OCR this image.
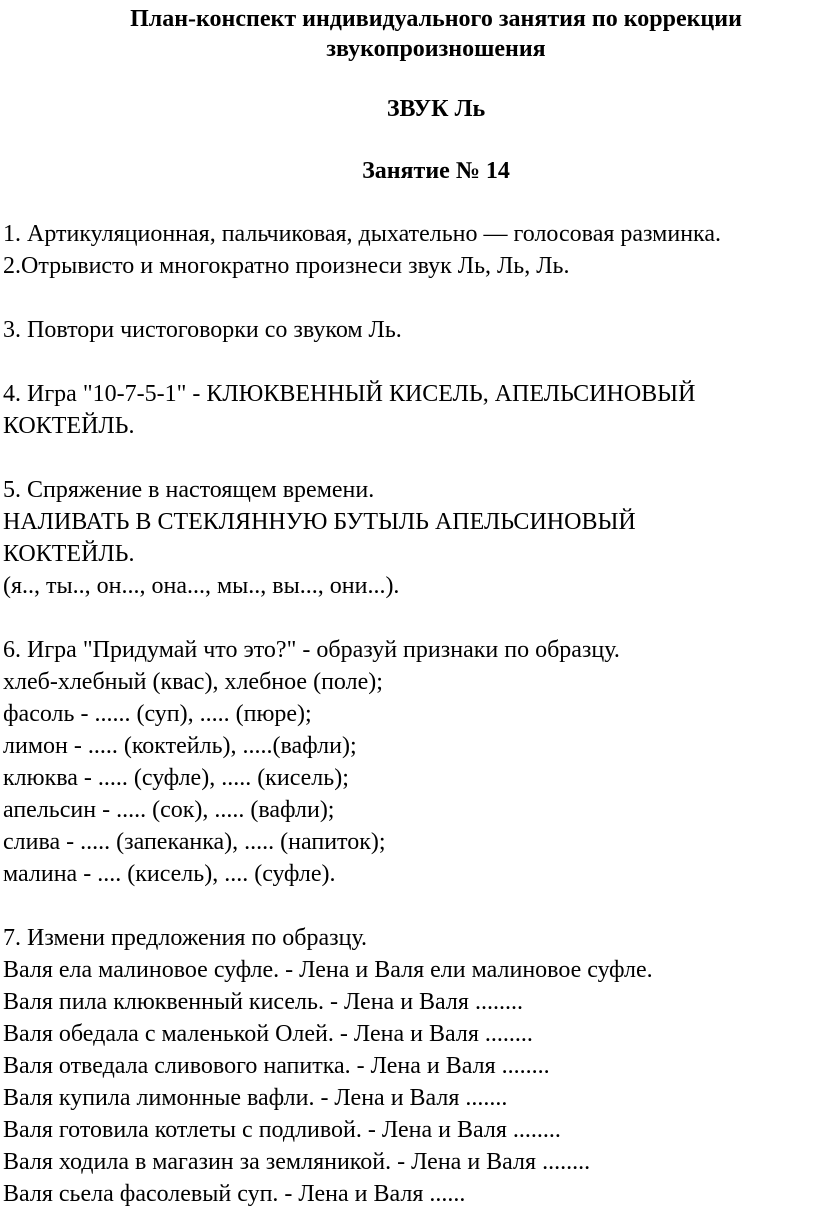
План-конспект индивидуального занятия по коррекции

звукопроизношения

ЗВУК Ль
Занятие № 14
1. Артикуляционная, пальчиковая, дыхательно — голосовая разминка.
2.Отрывисто и многократно произнеси звук Ль, Ль, Ль.
3. Повтори чистоговорки со звуком Ль.
4. Игра "10-7-5-1" - КЛЮКВЕННЫЙ КИСЕЛЬ, АПЕЛЬСИНОВЫЙ
КОКТЕЙЛЬ.
5. Спряжение в настоящем времени.
НАЛИВАТЬ В СТЕКЛЯННУЮ БУТЫЛЬ АПЕЛЬСИНОВЫЙ
КОКТЕЙЛЬ.
(я.., ты.., он..., она..., мы.., вы..., они...).
6. Игра "Придумай что это?" - образуй признаки по образцу.
хлеб-хлебный (квас), хлебное (поле);
фасоль - ...... (суп), ..... (пюре);
лимон - ..... (коктейль), .....(вафли);
клюква - ..... (суфле), ..... (кисель);
апельсин - ..... (сок), ..... (вафли);
слива - ..... (запеканка), ..... (напиток);
малина - .... (кисель), .... (суфле).
7. Измени предложения по образцу.
Валя ела малиновое суфле. - Лена и Валя ели малиновое суфле.
Валя пила клюквенный кисель. - Лена и Валя ........
Валя обедала с маленькой Олей. - Лена и Валя ........
Валя отведала сливового напитка. - Лена и Валя ........
Валя купила лимонные вафли. - Лена и Валя .......
Валя готовила котлеты с подливой. - Лена и Валя ........
Валя ходила в магазин за земляникой. - Лена и Валя ........
Валя сьела фасолевый суп. - Лена и Валя ......
